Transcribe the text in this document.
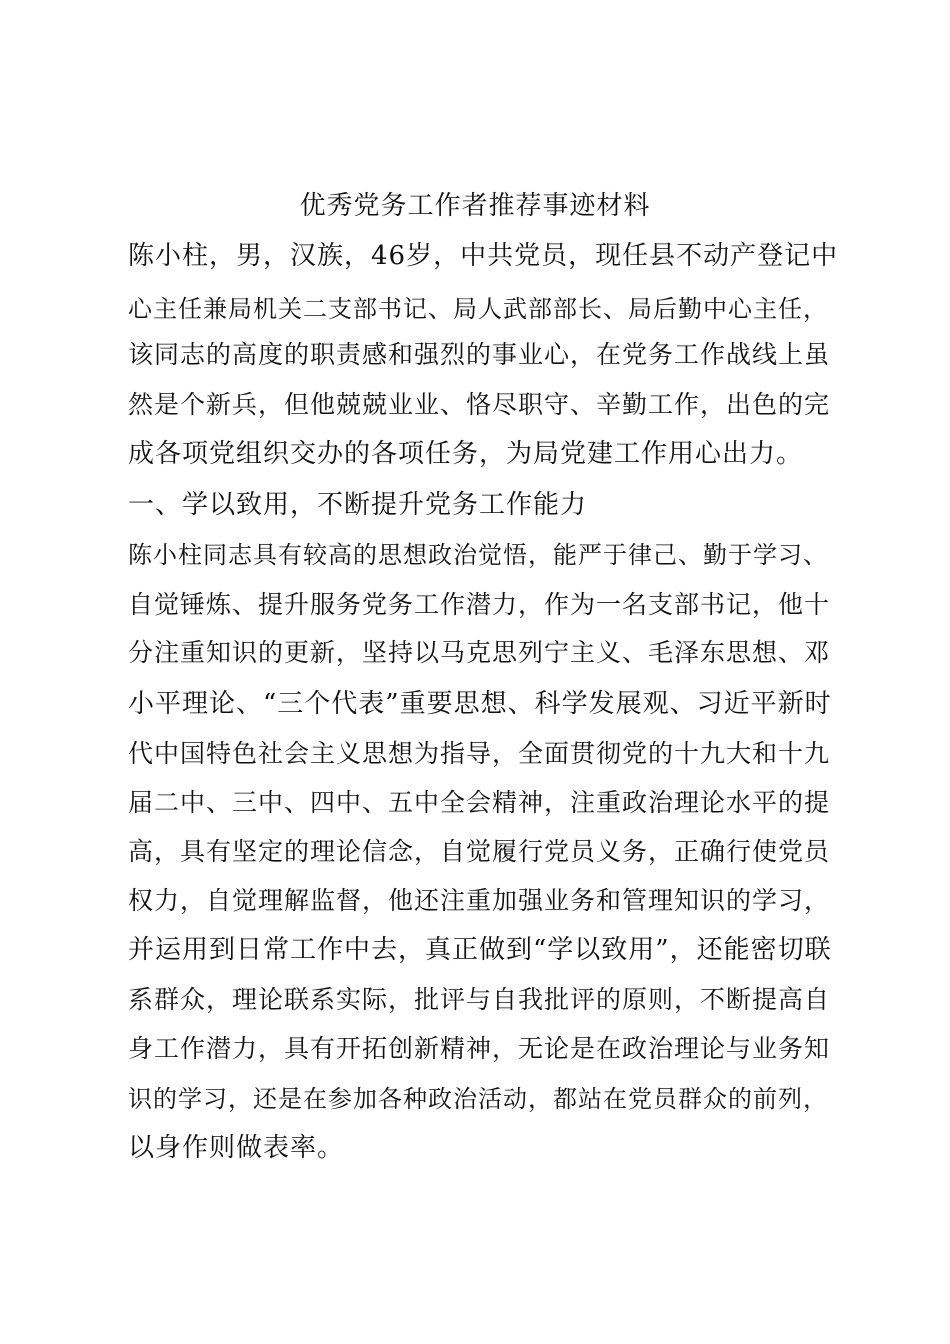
优秀党务工作者推荐事迹材料
陈小柱，男，汉族，46岁，中共党员，现任县不动产登记中
心主任兼局机关二支部书记、局人武部部长、局后勤中心主任，
该同志的高度的职责感和强烈的事业心，在党务工作战线上虽
然是个新兵，但他兢兢业业、恪尽职守、辛勤工作，出色的完
成各项党组织交办的各项任务，为局党建工作用心出力。
一、学以致用，不断提升党务工作能力
陈小柱同志具有较高的思想政治觉悟，能严于律己、勤于学习、
自觉锤炼、提升服务党务工作潜力，作为一名支部书记，他十
分注重知识的更新，坚持以马克思列宁主义、毛泽东思想、邓
小平理论、“三个代表”重要思想、科学发展观、习近平新时
代中国特色社会主义思想为指导，全面贯彻党的十九大和十九
届二中、三中、四中、五中全会精神，注重政治理论水平的提
高，具有坚定的理论信念，自觉履行党员义务，正确行使党员
权力，自觉理解监督，他还注重加强业务和管理知识的学习，
并运用到日常工作中去，真正做到“学以致用”，还能密切联
系群众，理论联系实际，批评与自我批评的原则，不断提高自
身工作潜力，具有开拓创新精神，无论是在政治理论与业务知
识的学习，还是在参加各种政治活动，都站在党员群众的前列，
以身作则做表率。
